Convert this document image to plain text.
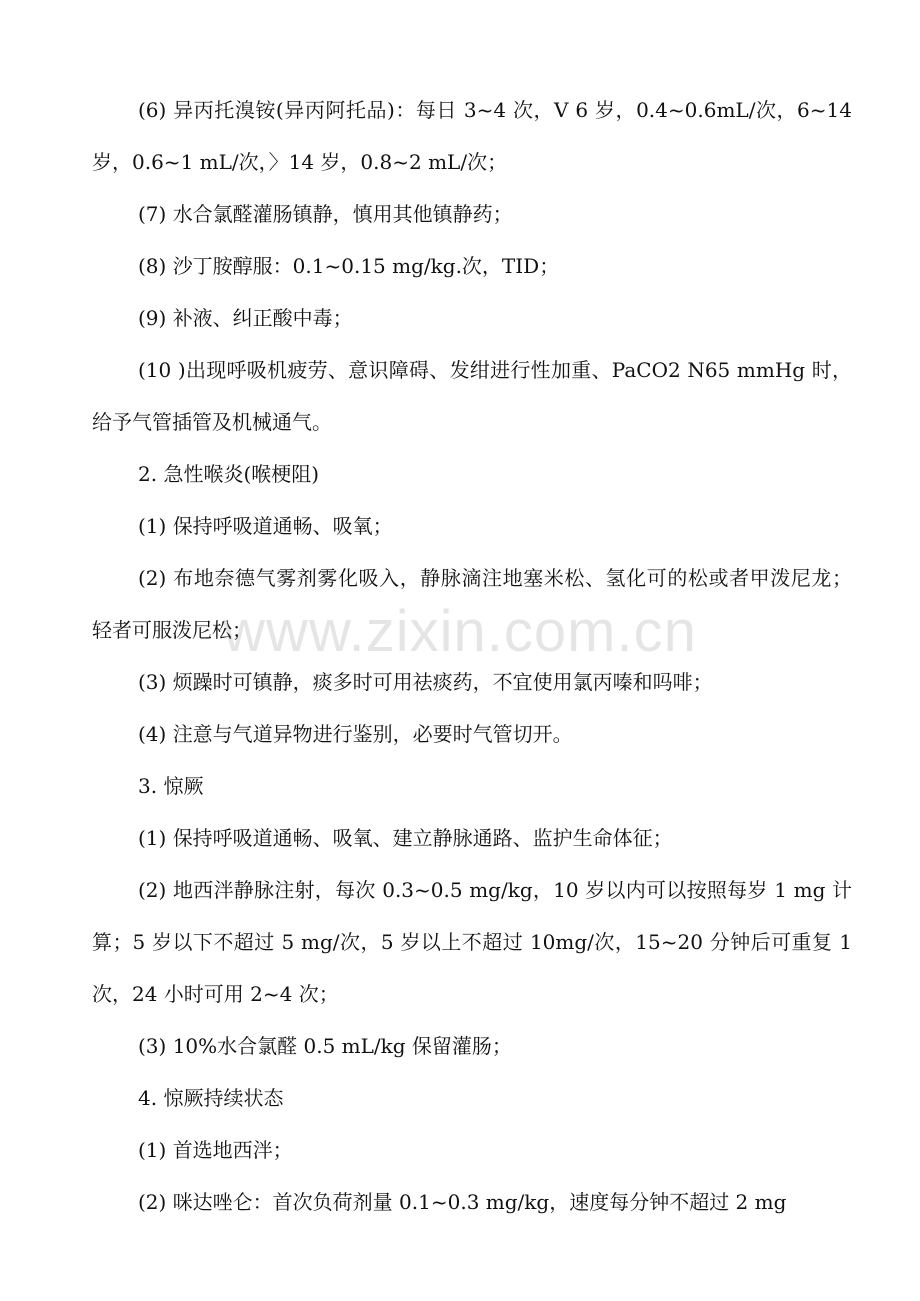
(6) 异丙托溴铵(异丙阿托品)：每日 3~4 次，V 6 岁，0.4~0.6mL/次，6~14 岁，0.6~1 mL/次，〉14 岁，0.8~2 mL/次；

(7) 水合氯醛灌肠镇静，慎用其他镇静药；

(8) 沙丁胺醇服：0.1~0.15 mg/kg.次，TID；

(9) 补液、纠正酸中毒；

(10 )出现呼吸机疲劳、意识障碍、发绀进行性加重、PaCO2 N65 mmHg 时，给予气管插管及机械通气。

2. 急性喉炎(喉梗阻)

(1) 保持呼吸道通畅、吸氧；

(2) 布地奈德气雾剂雾化吸入，静脉滴注地塞米松、氢化可的松或者甲泼尼龙；轻者可服泼尼松；

(3) 烦躁时可镇静，痰多时可用祛痰药，不宜使用氯丙嗪和吗啡；

(4) 注意与气道异物进行鉴别，必要时气管切开。

3. 惊厥

(1) 保持呼吸道通畅、吸氧、建立静脉通路、监护生命体征；

(2) 地西泮静脉注射，每次 0.3~0.5 mg/kg，10 岁以内可以按照每岁 1 mg 计算；5 岁以下不超过 5 mg/次，5 岁以上不超过 10mg/次，15~20 分钟后可重复 1 次，24 小时可用 2~4 次；

(3) 10%水合氯醛 0.5 mL/kg 保留灌肠；

4. 惊厥持续状态

(1) 首选地西泮；

(2) 咪达唑仑：首次负荷剂量 0.1~0.3 mg/kg，速度每分钟不超过 2 mg

www.zixin.com.cn
